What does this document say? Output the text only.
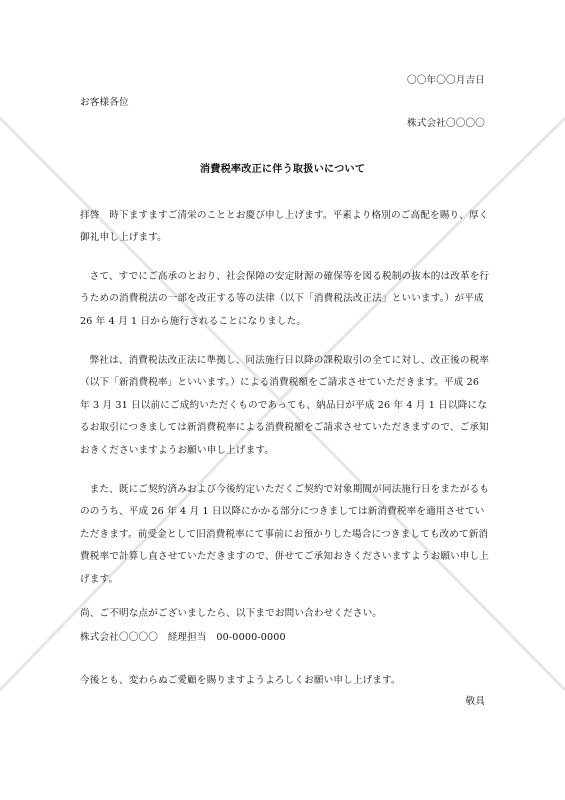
〇〇年〇〇月吉日
お客様各位
株式会社〇〇〇〇
消費税率改正に伴う取扱いについて
拝啓　時下ますますご清栄のこととお慶び申し上げます。平素より格別のご高配を賜り、厚く御礼申し上げます。
さて、すでにご高承のとおり、社会保障の安定財源の確保等を図る税制の抜本的は改革を行うための消費税法の一部を改正する等の法律（以下「消費税法改正法」といいます。）が平成 26 年 4 月 1 日から施行されることになりました。
弊社は、消費税法改正法に準拠し、同法施行日以降の課税取引の全てに対し、改正後の税率（以下「新消費税率」といいます。）による消費税額をご請求させていただきます。平成 26 年 3 月 31 日以前にご成約いただくものであっても、納品日が平成 26 年 4 月 1 日以降になるお取引につきましては新消費税率による消費税額をご請求させていただきますので、ご承知おきくださいますようお願い申し上げます。
また、既にご契約済みおよび今後約定いただくご契約で対象期間が同法施行日をまたがるもののうち、平成 26 年 4 月 1 日以降にかかる部分につきましては新消費税率を適用させていただきます。前受金として旧消費税率にて事前にお預かりした場合につきましても改めて新消費税率で計算し直させていただきますので、併せてご承知おきくださいますようお願い申し上げます。
尚、ご不明な点がございましたら、以下までお問い合わせください。
株式会社〇〇〇〇　経理担当　00-0000-0000
今後とも、変わらぬご愛顧を賜りますようよろしくお願い申し上げます。
敬具
